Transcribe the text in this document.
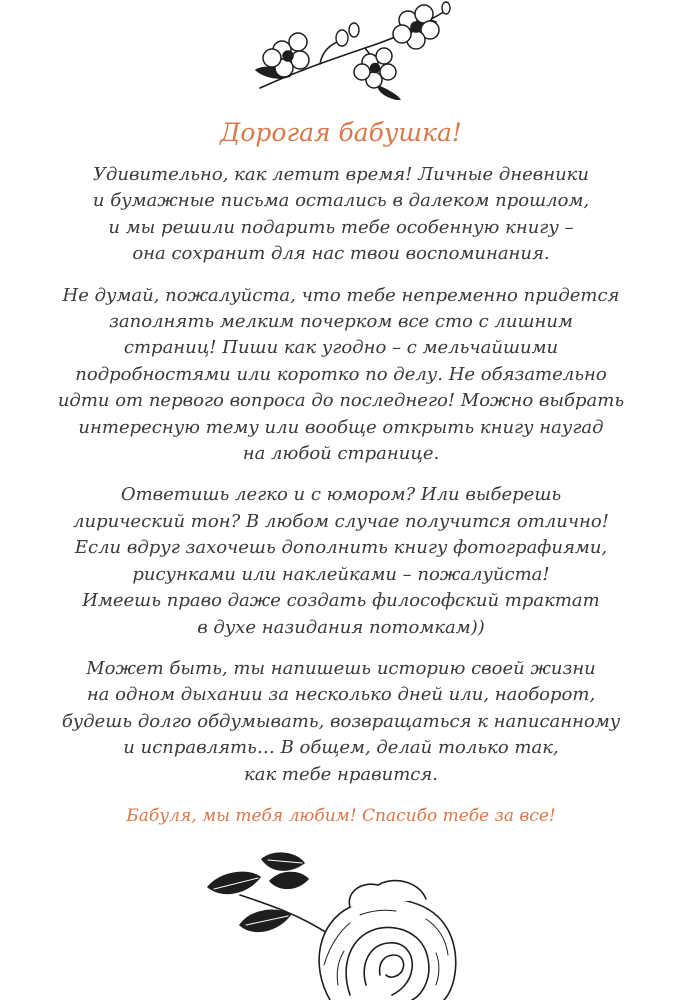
Дорогая бабушка!

Удивительно, как летит время! Личные дневники
и бумажные письма остались в далеком прошлом,
и мы решили подарить тебе особенную книгу –
она сохранит для нас твои воспоминания.

Не думай, пожалуйста, что тебе непременно придется
заполнять мелким почерком все сто с лишним
страниц! Пиши как угодно – с мельчайшими
подробностями или коротко по делу. Не обязательно
идти от первого вопроса до последнего! Можно выбрать
интересную тему или вообще открыть книгу наугад
на любой странице.

Ответишь легко и с юмором? Или выберешь
лирический тон? В любом случае получится отлично!
Если вдруг захочешь дополнить книгу фотографиями,
рисунками или наклейками – пожалуйста!
Имеешь право даже создать философский трактат
в духе назидания потомкам))

Может быть, ты напишешь историю своей жизни
на одном дыхании за несколько дней или, наоборот,
будешь долго обдумывать, возвращаться к написанному
и исправлять… В общем, делай только так,
как тебе нравится.

Бабуля, мы тебя любим! Спасибо тебе за все!
